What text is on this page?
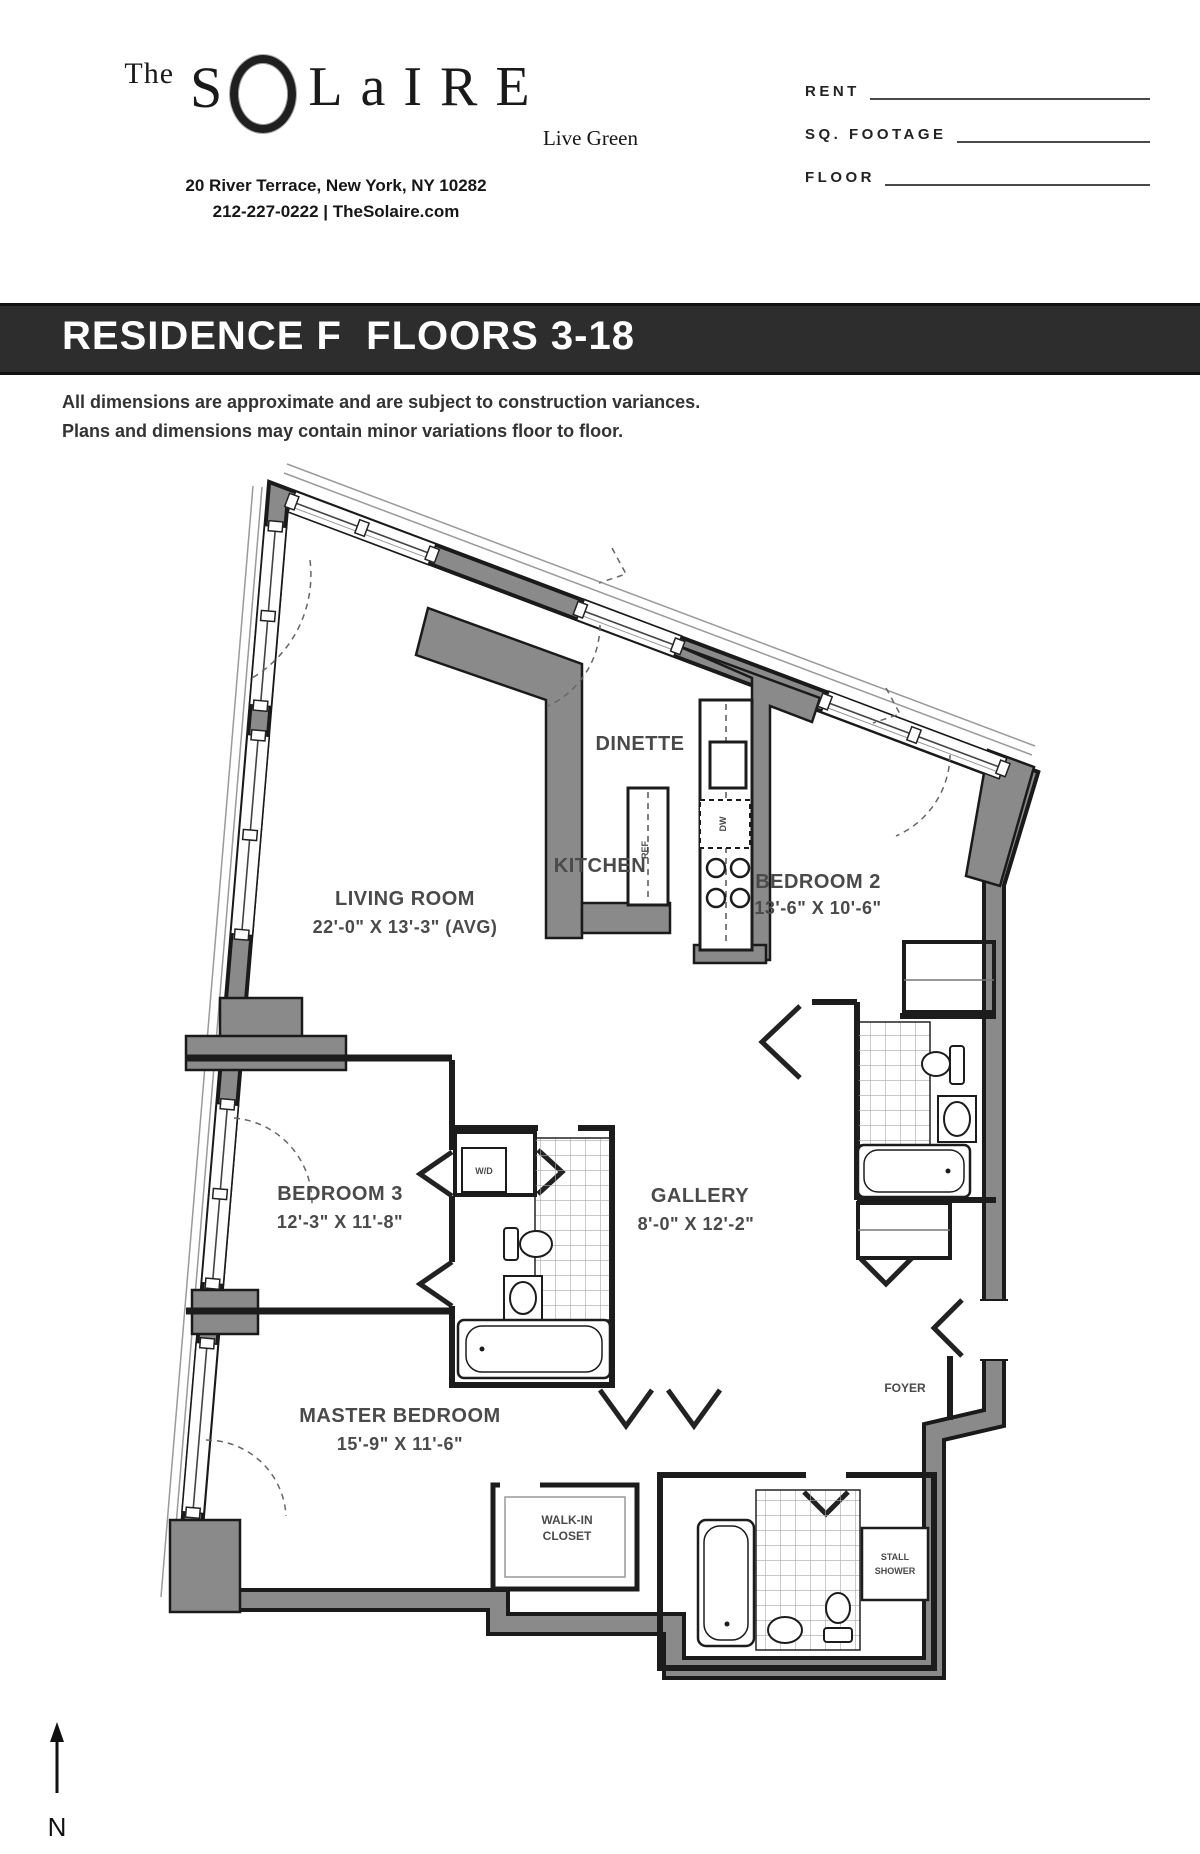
The S LaIRE
Live Green
20 River Terrace, New York, NY 10282
212-227-0222 | TheSolaire.com
RENT
SQ. FOOTAGE
FLOOR
RESIDENCE F  FLOORS 3-18
All dimensions are approximate and are subject to construction variances.
Plans and dimensions may contain minor variations floor to floor.
LIVING ROOM
22'-0" X 13'-3" (AVG)
DINETTE
KITCHEN
BEDROOM 2
13'-6" X 10'-6"
BEDROOM 3
12'-3" X 11'-8"
GALLERY
8'-0" X 12'-2"
MASTER BEDROOM
15'-9" X 11'-6"
WALK-IN
CLOSET
FOYER
STALL
SHOWER
W/D
REF
DW
N
